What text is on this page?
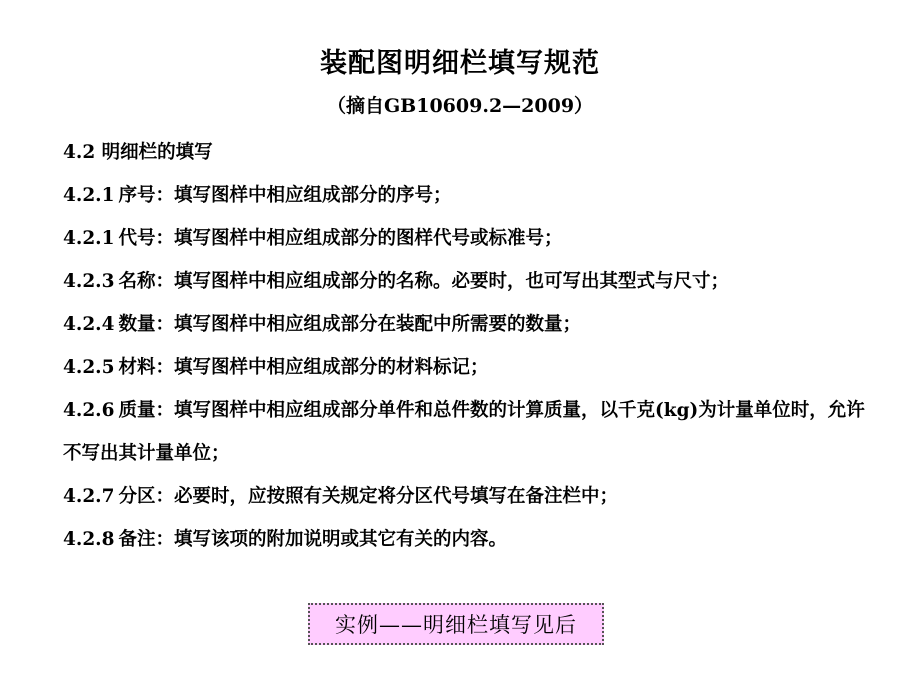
装配图明细栏填写规范
（摘自GB10609.2—2009）
4.2 明细栏的填写
4.2.1 序号：填写图样中相应组成部分的序号；
4.2.1 代号：填写图样中相应组成部分的图样代号或标准号；
4.2.3 名称：填写图样中相应组成部分的名称。必要时，也可写出其型式与尺寸；
4.2.4 数量：填写图样中相应组成部分在装配中所需要的数量；
4.2.5 材料：填写图样中相应组成部分的材料标记；
4.2.6 质量：填写图样中相应组成部分单件和总件数的计算质量，以千克(kg)为计量单位时，允许不写出其计量单位；
4.2.7 分区：必要时，应按照有关规定将分区代号填写在备注栏中；
4.2.8 备注：填写该项的附加说明或其它有关的内容。
实例——明细栏填写见后
